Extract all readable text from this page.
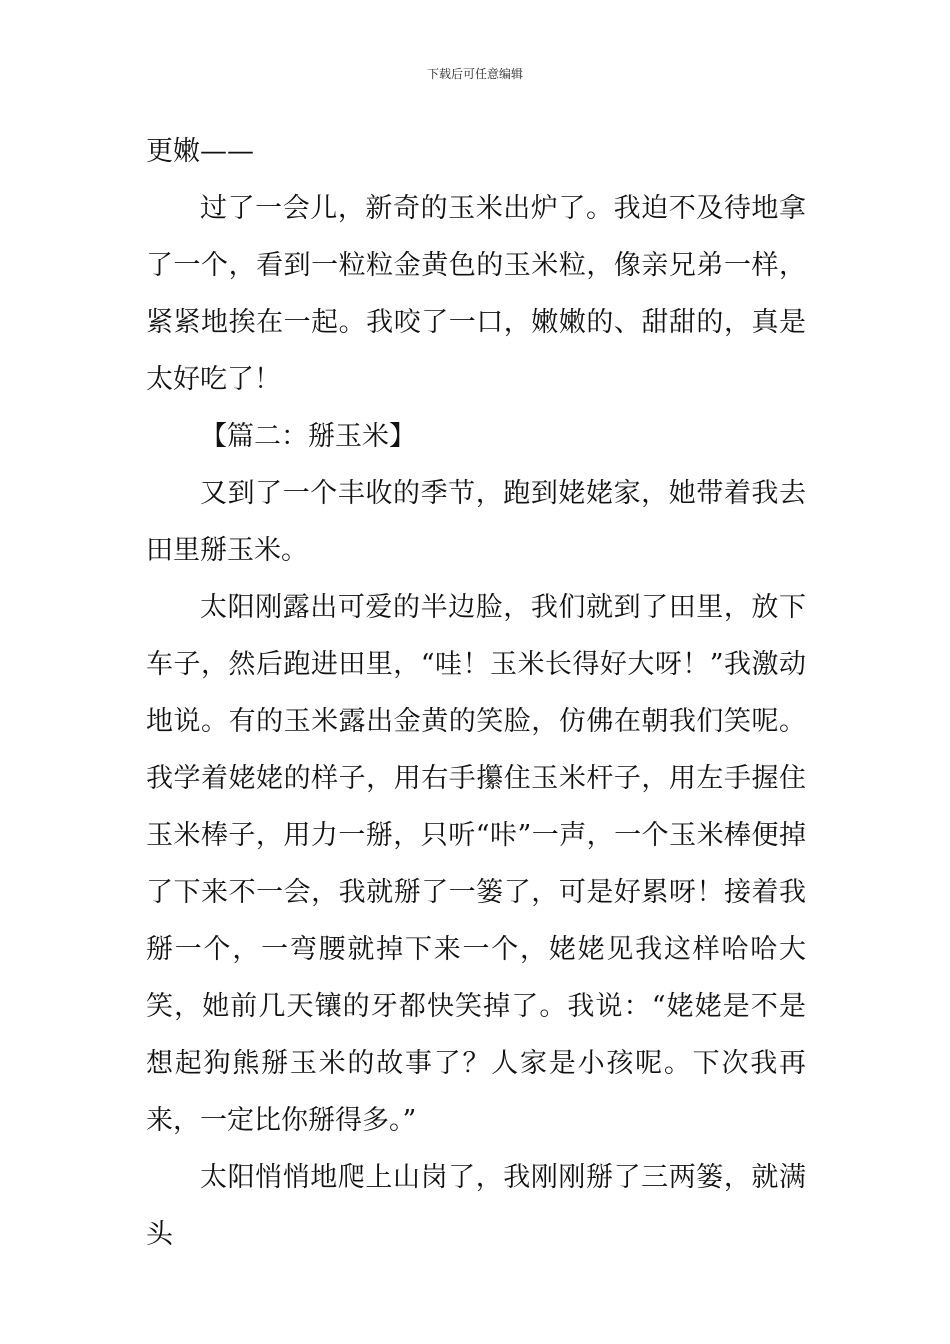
下载后可任意编辑

更嫩——

过了一会儿，新奇的玉米出炉了。我迫不及待地拿了一个，看到一粒粒金黄色的玉米粒，像亲兄弟一样，紧紧地挨在一起。我咬了一口，嫩嫩的、甜甜的，真是太好吃了！

【篇二：掰玉米】

又到了一个丰收的季节，跑到姥姥家，她带着我去田里掰玉米。

太阳刚露出可爱的半边脸，我们就到了田里，放下车子，然后跑进田里，“哇！玉米长得好大呀！”我激动地说。有的玉米露出金黄的笑脸，仿佛在朝我们笑呢。我学着姥姥的样子，用右手攥住玉米杆子，用左手握住玉米棒子，用力一掰，只听“咔”一声，一个玉米棒便掉了下来不一会，我就掰了一篓了，可是好累呀！接着我掰一个，一弯腰就掉下来一个，姥姥见我这样哈哈大笑，她前几天镶的牙都快笑掉了。我说：“姥姥是不是想起狗熊掰玉米的故事了？人家是小孩呢。下次我再来，一定比你掰得多。”

太阳悄悄地爬上山岗了，我刚刚掰了三两篓，就满头
